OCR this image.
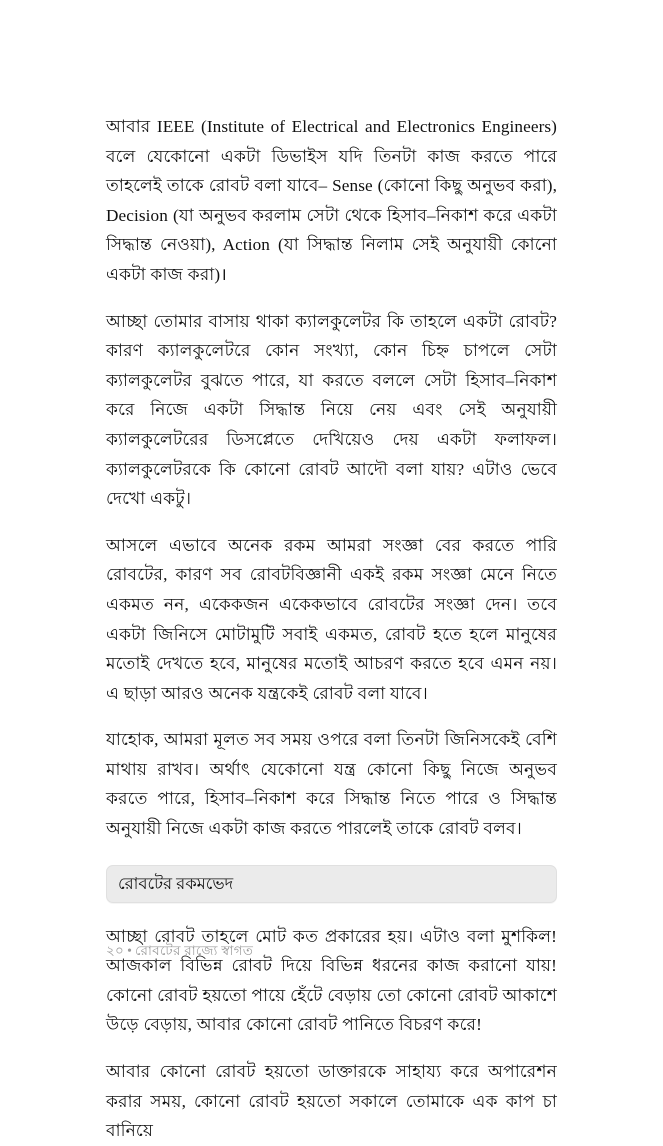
আবার IEEE (Institute of Electrical and Electronics Engineers) বলে যেকোনো একটা ডিভাইস যদি তিনটা কাজ করতে পারে তাহলেই তাকে রোবট বলা যাবে– Sense (কোনো কিছু অনুভব করা), Decision (যা অনুভব করলাম সেটা থেকে হিসাব–নিকাশ করে একটা সিদ্ধান্ত নেওয়া), Action (যা সিদ্ধান্ত নিলাম সেই অনুযায়ী কোনো একটা কাজ করা)।

আচ্ছা তোমার বাসায় থাকা ক্যালকুলেটর কি তাহলে একটা রোবট? কারণ ক্যালকুলেটরে কোন সংখ্যা, কোন চিহ্ন চাপলে সেটা ক্যালকুলেটর বুঝতে পারে, যা করতে বললে সেটা হিসাব–নিকাশ করে নিজে একটা সিদ্ধান্ত নিয়ে নেয় এবং সেই অনুযায়ী ক্যালকুলেটরের ডিসপ্লেতে দেখিয়েও দেয় একটা ফলাফল। ক্যালকুলেটরকে কি কোনো রোবট আদৌ বলা যায়? এটাও ভেবে দেখো একটু।

আসলে এভাবে অনেক রকম আমরা সংজ্ঞা বের করতে পারি রোবটের, কারণ সব রোবটবিজ্ঞানী একই রকম সংজ্ঞা মেনে নিতে একমত নন, একেকজন একেকভাবে রোবটের সংজ্ঞা দেন। তবে একটা জিনিসে মোটামুটি সবাই একমত, রোবট হতে হলে মানুষের মতোই দেখতে হবে, মানুষের মতোই আচরণ করতে হবে এমন নয়। এ ছাড়া আরও অনেক যন্ত্রকেই রোবট বলা যাবে।

যাহোক, আমরা মূলত সব সময় ওপরে বলা তিনটা জিনিসকেই বেশি মাথায় রাখব। অর্থাৎ যেকোনো যন্ত্র কোনো কিছু নিজে অনুভব করতে পারে, হিসাব–নিকাশ করে সিদ্ধান্ত নিতে পারে ও সিদ্ধান্ত অনুযায়ী নিজে একটা কাজ করতে পারলেই তাকে রোবট বলব।

রোবটের রকমভেদ

আচ্ছা রোবট তাহলে মোট কত প্রকারের হয়। এটাও বলা মুশকিল! আজকাল বিভিন্ন রোবট দিয়ে বিভিন্ন ধরনের কাজ করানো যায়! কোনো রোবট হয়তো পায়ে হেঁটে বেড়ায় তো কোনো রোবট আকাশে উড়ে বেড়ায়, আবার কোনো রোবট পানিতে বিচরণ করে!

আবার কোনো রোবট হয়তো ডাক্তারকে সাহায্য করে অপারেশন করার সময়, কোনো রোবট হয়তো সকালে তোমাকে এক কাপ চা বানিয়ে

২০ • রোবটের রাজ্যে স্বাগত
